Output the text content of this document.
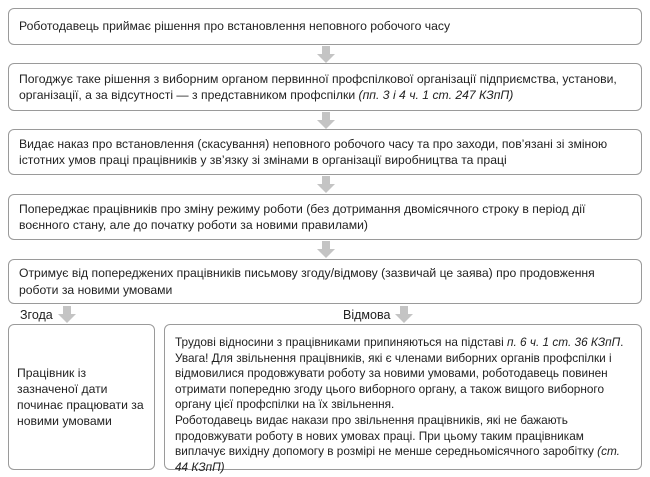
Роботодавець приймає рішення про встановлення неповного робочого часу

Погоджує таке рішення з виборним органом первинної профспілкової організації підприємства, установи, організації, а за відсутності — з представником профспілки (пп. 3 і 4 ч. 1 ст. 247 КЗпП)

Видає наказ про встановлення (скасування) неповного робочого часу та про заходи, пов’язані зі зміною істотних умов праці працівників у зв’язку зі змінами в організації виробництва та праці

Попереджає працівників про зміну режиму роботи (без дотримання двомісячного строку в період дії воєнного стану, але до початку роботи за новими правилами)

Отримує від попереджених працівників письмову згоду/відмову (зазвичай це заява) про продовження роботи за новими умовами

Згода	Відмова

Працівник із зазначеної дати починає працювати за новими умовами

Трудові відносини з працівниками припиняються на підставі п. 6 ч. 1 ст. 36 КЗпП.

Увага! Для звільнення працівників, які є членами виборних органів профспілки і відмовилися продовжувати роботу за новими умовами, роботодавець повинен отримати попередню згоду цього виборного органу, а також вищого виборного органу цієї профспілки на їх звільнення.

Роботодавець видає накази про звільнення працівників, які не бажають продовжувати роботу в нових умовах праці. При цьому таким працівникам виплачує вихідну допомогу в розмірі не менше середньомісячного заробітку (ст. 44 КЗпП)
